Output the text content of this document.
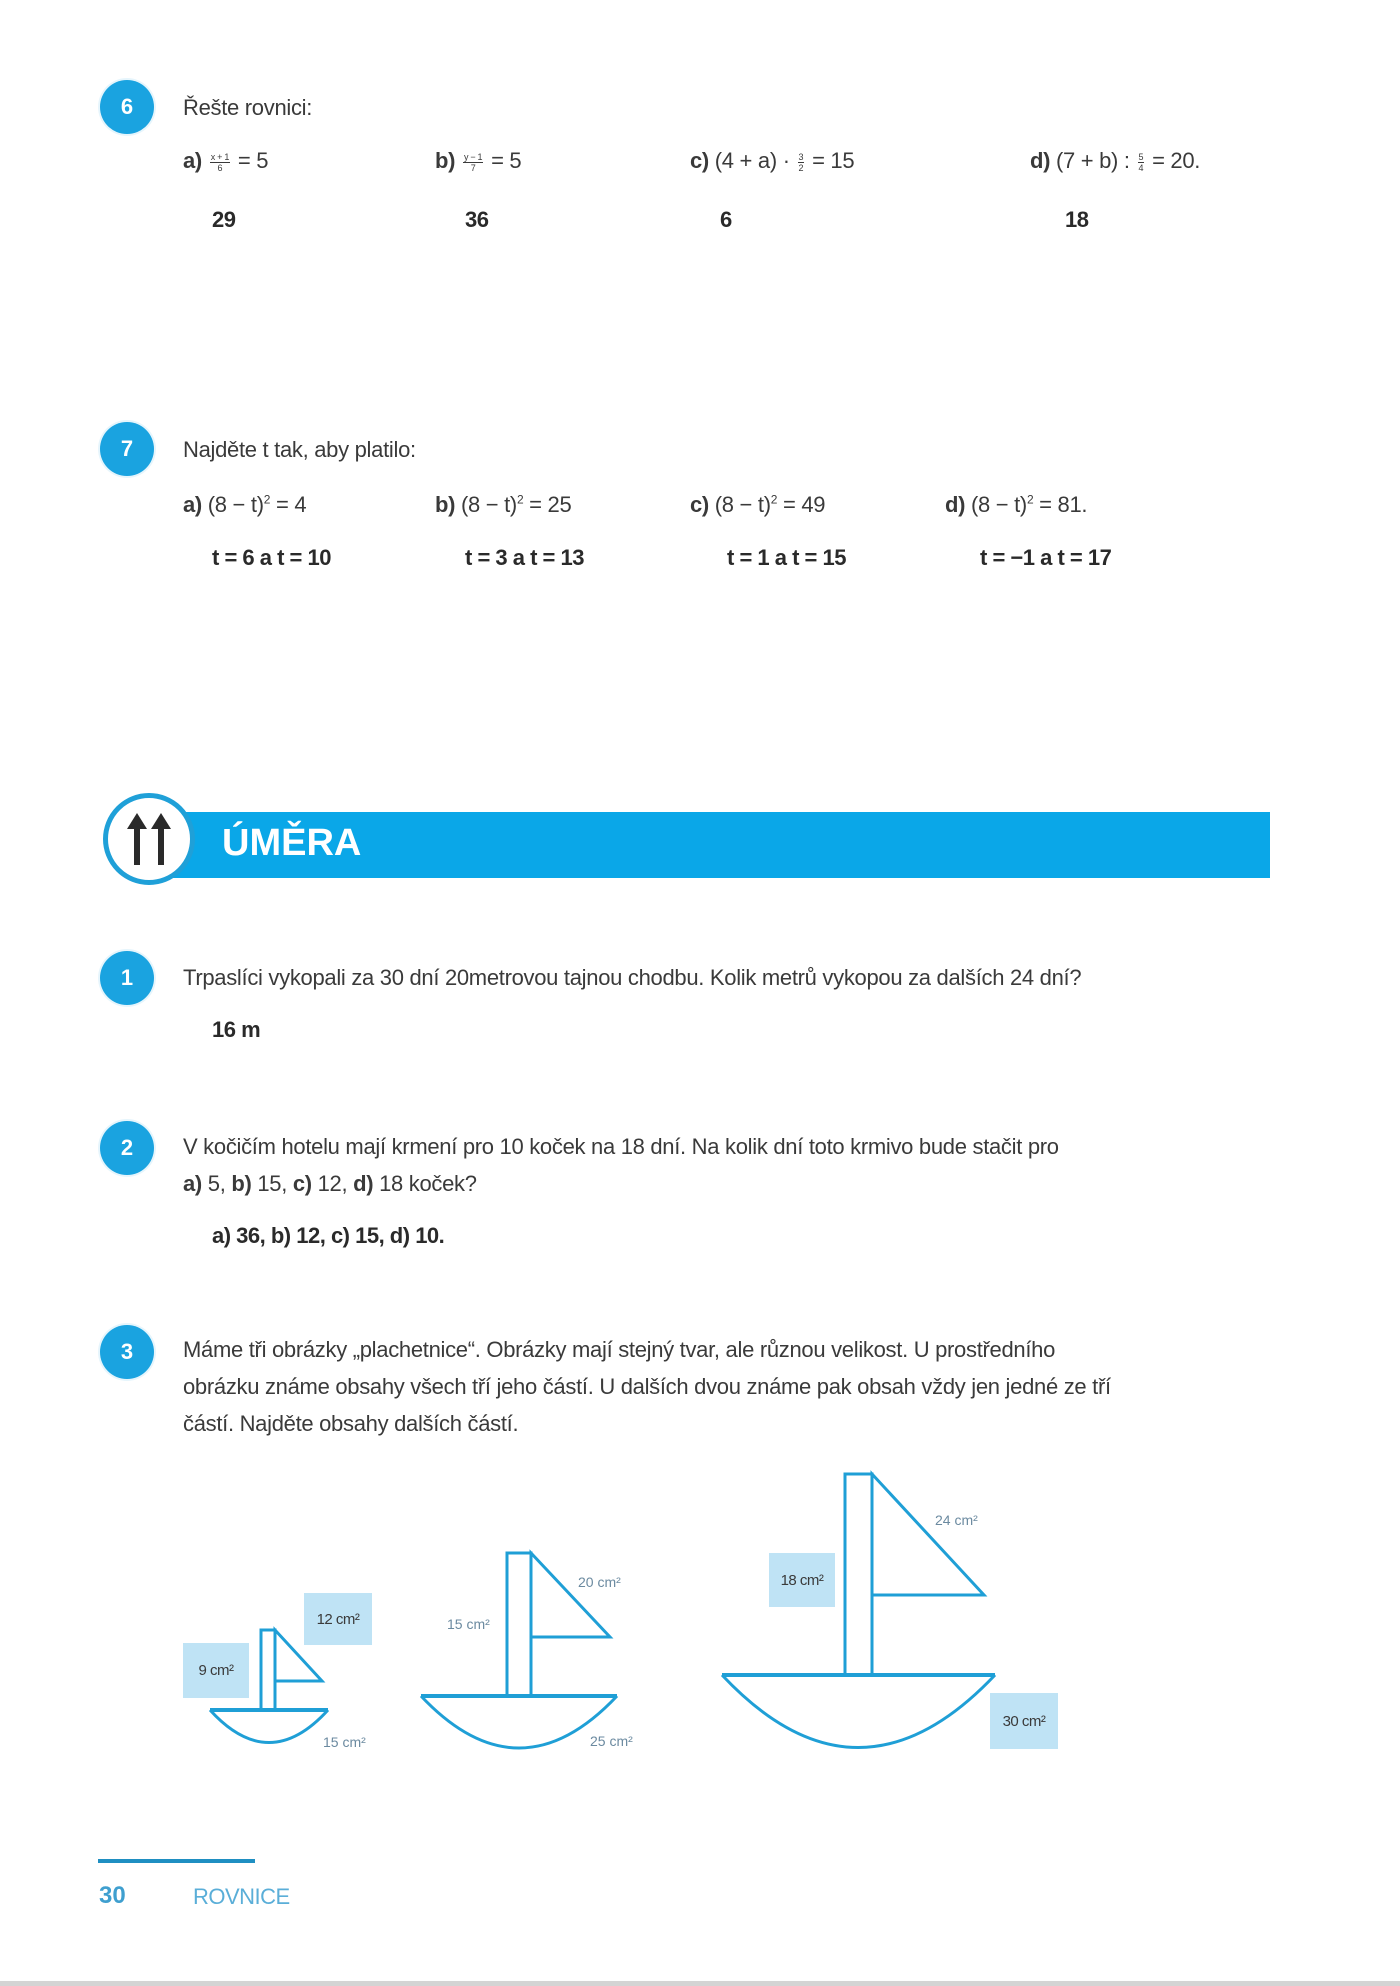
6	Řešte rovnici:
$a) \frac{x + 1}{6} = 5$
29
$b) \frac{y - 1}{7} = 5$
36
c) $(4 + a) \cdot \frac{3}{2} = 15$
6
d) (7 + b) : $\frac{5}{4} = 20$.
18
7	Najděte t tak, aby platilo:
a) $(8 - t)^2 = 4$
t = 6 a t = 10
b) $(8 - t)^2 = 25$
t = 3 a t = 13
c) $(8 - t)^2 = 49$
t = 1 a t = 15
d) $(8 - t)^2 = 81$.
t = −1 a t = 17
ÚMĚRA
1	Trpaslíci vykopali za 30 dní 20metrovou tajnou chodbu. Kolik metrů vykopou za dalších 24 dní?
16 m
2	V kočičím hotelu mají krmení pro 10 koček na 18 dní. Na kolik dní toto krmivo bude stačit pro
a) 5, b) 15, c) 12, d) 18 koček?
a) 36, b) 12, c) 15, d) 10.
3	Máme tři obrázky „plachetnice“. Obrázky mají stejný tvar, ale různou velikost. U prostředního
obrázku známe obsahy všech tří jeho částí. U dalších dvou známe pak obsah vždy jen jedné ze tří
částí. Najděte obsahy dalších částí.
9 cm²
12 cm²
15 cm²
15 cm²
20 cm²
25 cm²
18 cm²
24 cm²
30 cm²
30	ROVNICE
